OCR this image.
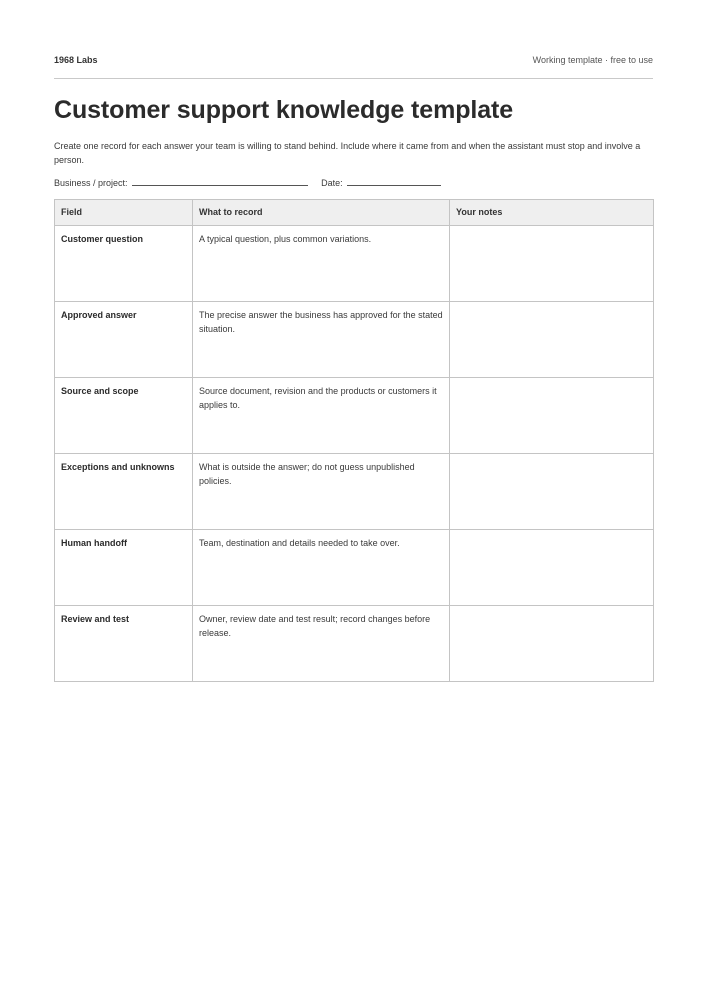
1968 Labs	Working template · free to use
Customer support knowledge template

Create one record for each answer your team is willing to stand behind. Include where it came from and when the assistant must stop and involve a person.

Business / project:	Date:
Field	What to record	Your notes
Customer question	A typical question, plus common variations.	
Approved answer	The precise answer the business has approved for the stated situation.	
Source and scope	Source document, revision and the products or customers it applies to.	
Exceptions and unknowns	What is outside the answer; do not guess unpublished policies.	
Human handoff	Team, destination and details needed to take over.	
Review and test	Owner, review date and test result; record changes before release.	
